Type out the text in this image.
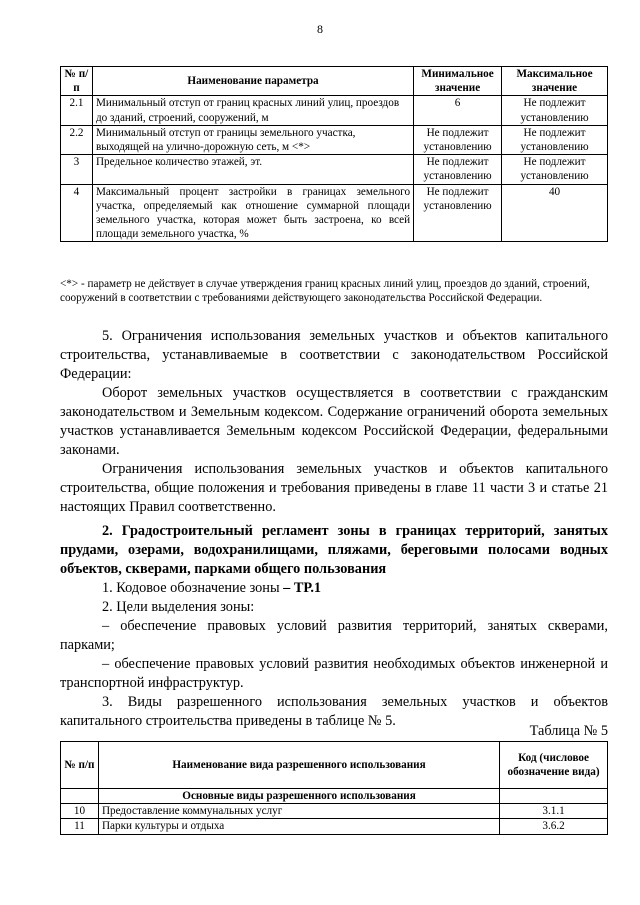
8
№ п/п	Наименование параметра	Минимальное значение	Максимальное значение
2.1	Минимальный отступ от границ красных линий улиц, проездов до зданий, строений, сооружений, м	6	Не подлежит установлению
2.2	Минимальный отступ от границы земельного участка, выходящей на улично-дорожную сеть, м <*>	Не подлежит установлению	Не подлежит установлению
3	Предельное количество этажей, эт.	Не подлежит установлению	Не подлежит установлению
4	Максимальный процент застройки в границах земельного участка, определяемый как отношение суммарной площади земельного участка, которая может быть застроена, ко всей площади земельного участка, %	Не подлежит установлению	40
<*> - параметр не действует в случае утверждения границ красных линий улиц, проездов до зданий, строений, сооружений в соответствии с требованиями действующего законодательства Российской Федерации.
5. Ограничения использования земельных участков и объектов капитального строительства, устанавливаемые в соответствии с законодательством Российской Федерации:
Оборот земельных участков осуществляется в соответствии с гражданским законодательством и Земельным кодексом. Содержание ограничений оборота земельных участков устанавливается Земельным кодексом Российской Федерации, федеральными законами.
Ограничения использования земельных участков и объектов капитального строительства, общие положения и требования приведены в главе 11 части 3 и статье 21 настоящих Правил соответственно.
2. Градостроительный регламент зоны в границах территорий, занятых прудами, озерами, водохранилищами, пляжами, береговыми полосами водных объектов, скверами, парками общего пользования
1. Кодовое обозначение зоны – ТР.1
2. Цели выделения зоны:
– обеспечение правовых условий развития территорий, занятых скверами, парками;
– обеспечение правовых условий развития необходимых объектов инженерной и транспортной инфраструктур.
3. Виды разрешенного использования земельных участков и объектов капитального строительства приведены в таблице № 5.
Таблица № 5
№ п/п	Наименование вида разрешенного использования	Код (числовое обозначение вида)
	Основные виды разрешенного использования	
10	Предоставление коммунальных услуг	3.1.1
11	Парки культуры и отдыха	3.6.2
